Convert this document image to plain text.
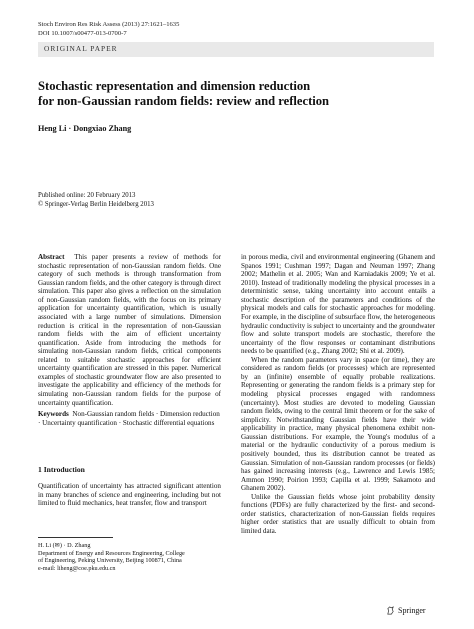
Stoch Environ Res Risk Assess (2013) 27:1621–1635
DOI 10.1007/s00477-013-0700-7
ORIGINAL PAPER
Stochastic representation and dimension reduction
for non-Gaussian random fields: review and reflection
Heng Li · Dongxiao Zhang
Published online: 20 February 2013
© Springer-Verlag Berlin Heidelberg 2013

Abstract This paper presents a review of methods for stochastic representation of non-Gaussian random fields. One category of such methods is through transformation from Gaussian random fields, and the other category is through direct simulation. This paper also gives a reflection on the simulation of non-Gaussian random fields, with the focus on its primary application for uncertainty quantification, which is usually associated with a large number of simulations. Dimension reduction is critical in the representation of non-Gaussian random fields with the aim of efficient uncertainty quantification. Aside from introducing the methods for simulating non-Gaussian random fields, critical components related to suitable stochastic approaches for efficient uncertainty quantification are stressed in this paper. Numerical examples of stochastic groundwater flow are also presented to investigate the applicability and efficiency of the methods for simulating non-Gaussian random fields for the purpose of uncertainty quantification.

Keywords Non-Gaussian random fields · Dimension reduction · Uncertainty quantification · Stochastic differential equations

1 Introduction

Quantification of uncertainty has attracted significant attention in many branches of science and engineering, including but not limited to fluid mechanics, heat transfer, flow and transport

H. Li (✉) · D. Zhang
Department of Energy and Resources Engineering, College
of Engineering, Peking University, Beijing 100871, China
e-mail: liheng@coe.pku.edu.cn

in porous media, civil and environmental engineering (Ghanem and Spanos 1991; Cushman 1997; Dagan and Neuman 1997; Zhang 2002; Mathelin et al. 2005; Wan and Karniadakis 2009; Ye et al. 2010). Instead of traditionally modeling the physical processes in a deterministic sense, taking uncertainty into account entails a stochastic description of the parameters and conditions of the physical models and calls for stochastic approaches for modeling. For example, in the discipline of subsurface flow, the heterogeneous hydraulic conductivity is subject to uncertainty and the groundwater flow and solute transport models are stochastic, therefore the uncertainty of the flow responses or contaminant distributions needs to be quantified (e.g., Zhang 2002; Shi et al. 2009).

When the random parameters vary in space (or time), they are considered as random fields (or processes) which are represented by an (infinite) ensemble of equally probable realizations. Representing or generating the random fields is a primary step for modeling physical processes engaged with randomness (uncertainty). Most studies are devoted to modeling Gaussian random fields, owing to the central limit theorem or for the sake of simplicity. Notwithstanding Gaussian fields have their wide applicability in practice, many physical phenomena exhibit non-Gaussian distributions. For example, the Young's modulus of a material or the hydraulic conductivity of a porous medium is positively bounded, thus its distribution cannot be treated as Gaussian. Simulation of non-Gaussian random processes (or fields) has gained increasing interests (e.g., Lawrence and Lewis 1985; Ammon 1990; Poirion 1993; Capilla et al. 1999; Sakamoto and Ghanem 2002).

Unlike the Gaussian fields whose joint probability density functions (PDFs) are fully characterized by the first- and second-order statistics, characterization of non-Gaussian fields requires higher order statistics that are usually difficult to obtain from limited data.

Springer
